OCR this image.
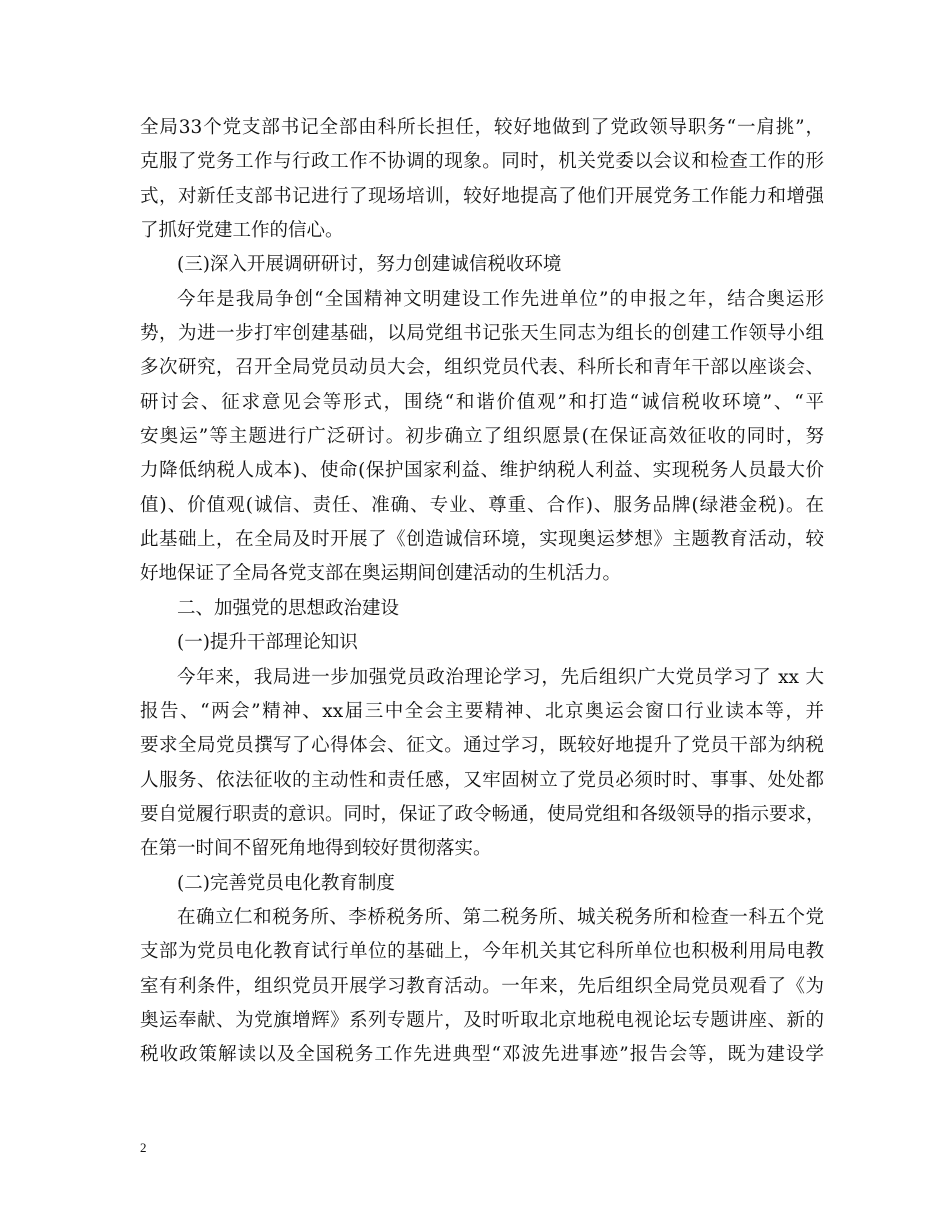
全局33个党支部书记全部由科所长担任，较好地做到了党政领导职务“一肩挑”，
克服了党务工作与行政工作不协调的现象。同时，机关党委以会议和检查工作的形
式，对新任支部书记进行了现场培训，较好地提高了他们开展党务工作能力和增强
了抓好党建工作的信心。
(三)深入开展调研研讨，努力创建诚信税收环境
今年是我局争创“全国精神文明建设工作先进单位”的申报之年，结合奥运形
势，为进一步打牢创建基础，以局党组书记张天生同志为组长的创建工作领导小组
多次研究，召开全局党员动员大会，组织党员代表、科所长和青年干部以座谈会、
研讨会、征求意见会等形式，围绕“和谐价值观”和打造“诚信税收环境”、“平
安奥运”等主题进行广泛研讨。初步确立了组织愿景(在保证高效征收的同时，努
力降低纳税人成本)、使命(保护国家利益、维护纳税人利益、实现税务人员最大价
值)、价值观(诚信、责任、准确、专业、尊重、合作)、服务品牌(绿港金税)。在
此基础上，在全局及时开展了《创造诚信环境，实现奥运梦想》主题教育活动，较
好地保证了全局各党支部在奥运期间创建活动的生机活力。
二、加强党的思想政治建设
(一)提升干部理论知识
今年来，我局进一步加强党员政治理论学习，先后组织广大党员学习了 xx 大
报告、“两会”精神、xx届三中全会主要精神、北京奥运会窗口行业读本等，并
要求全局党员撰写了心得体会、征文。通过学习，既较好地提升了党员干部为纳税
人服务、依法征收的主动性和责任感，又牢固树立了党员必须时时、事事、处处都
要自觉履行职责的意识。同时，保证了政令畅通，使局党组和各级领导的指示要求，
在第一时间不留死角地得到较好贯彻落实。
(二)完善党员电化教育制度
在确立仁和税务所、李桥税务所、第二税务所、城关税务所和检查一科五个党
支部为党员电化教育试行单位的基础上，今年机关其它科所单位也积极利用局电教
室有利条件，组织党员开展学习教育活动。一年来，先后组织全局党员观看了《为
奥运奉献、为党旗增辉》系列专题片，及时听取北京地税电视论坛专题讲座、新的
税收政策解读以及全国税务工作先进典型“邓波先进事迹”报告会等，既为建设学
2
